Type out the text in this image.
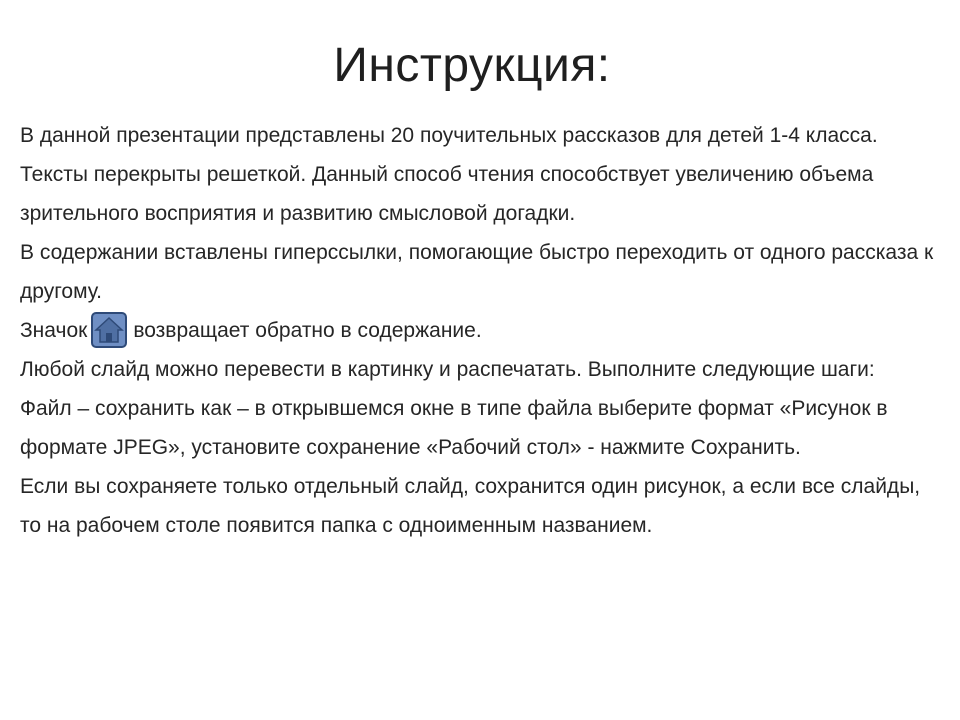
Инструкция:

В данной презентации представлены 20 поучительных рассказов для детей 1-4 класса. Тексты перекрыты решеткой. Данный способ чтения способствует увеличению объема зрительного восприятия и развитию смысловой догадки.

В содержании вставлены гиперссылки, помогающие быстро переходить от одного рассказа к другому.

Значок возвращает обратно в содержание.

Любой слайд можно перевести в картинку и распечатать. Выполните следующие шаги:

Файл – сохранить как – в открывшемся окне в типе файла выберите формат «Рисунок в формате JPEG», установите сохранение «Рабочий стол» - нажмите Сохранить.

Если вы сохраняете только отдельный слайд, сохранится один рисунок, а если все слайды, то на рабочем столе появится папка с одноименным названием.
